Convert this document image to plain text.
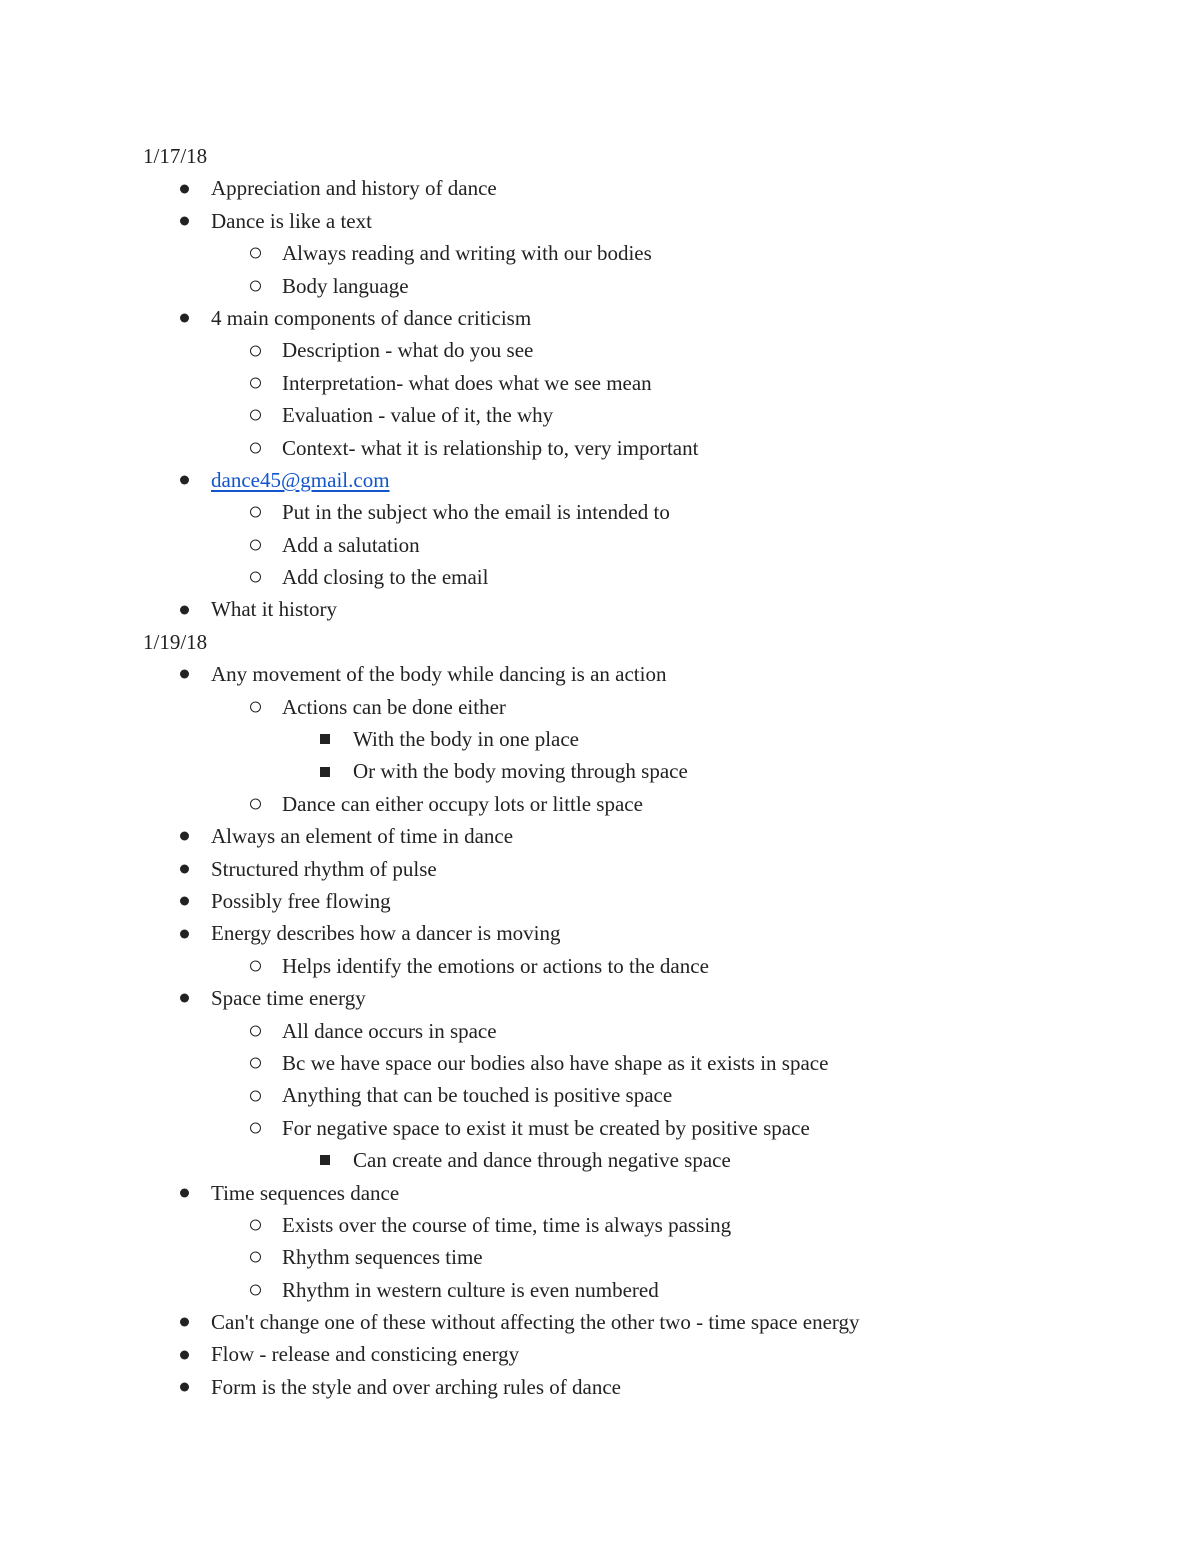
1/17/18
Appreciation and history of dance
Dance is like a text
Always reading and writing with our bodies
Body language
4 main components of dance criticism
Description - what do you see
Interpretation- what does what we see mean
Evaluation - value of it, the why
Context- what it is relationship to, very important
dance45@gmail.com
Put in the subject who the email is intended to
Add a salutation
Add closing to the email
What it history
1/19/18
Any movement of the body while dancing is an action
Actions can be done either
With the body in one place
Or with the body moving through space
Dance can either occupy lots or little space
Always an element of time in dance
Structured rhythm of pulse
Possibly free flowing
Energy describes how a dancer is moving
Helps identify the emotions or actions to the dance
Space time energy
All dance occurs in space
Bc we have space our bodies also have shape as it exists in space
Anything that can be touched is positive space
For negative space to exist it must be created by positive space
Can create and dance through negative space
Time sequences dance
Exists over the course of time, time is always passing
Rhythm sequences time
Rhythm in western culture is even numbered
Can't change one of these without affecting the other two - time space energy
Flow - release and consticing energy
Form is the style and over arching rules of dance
